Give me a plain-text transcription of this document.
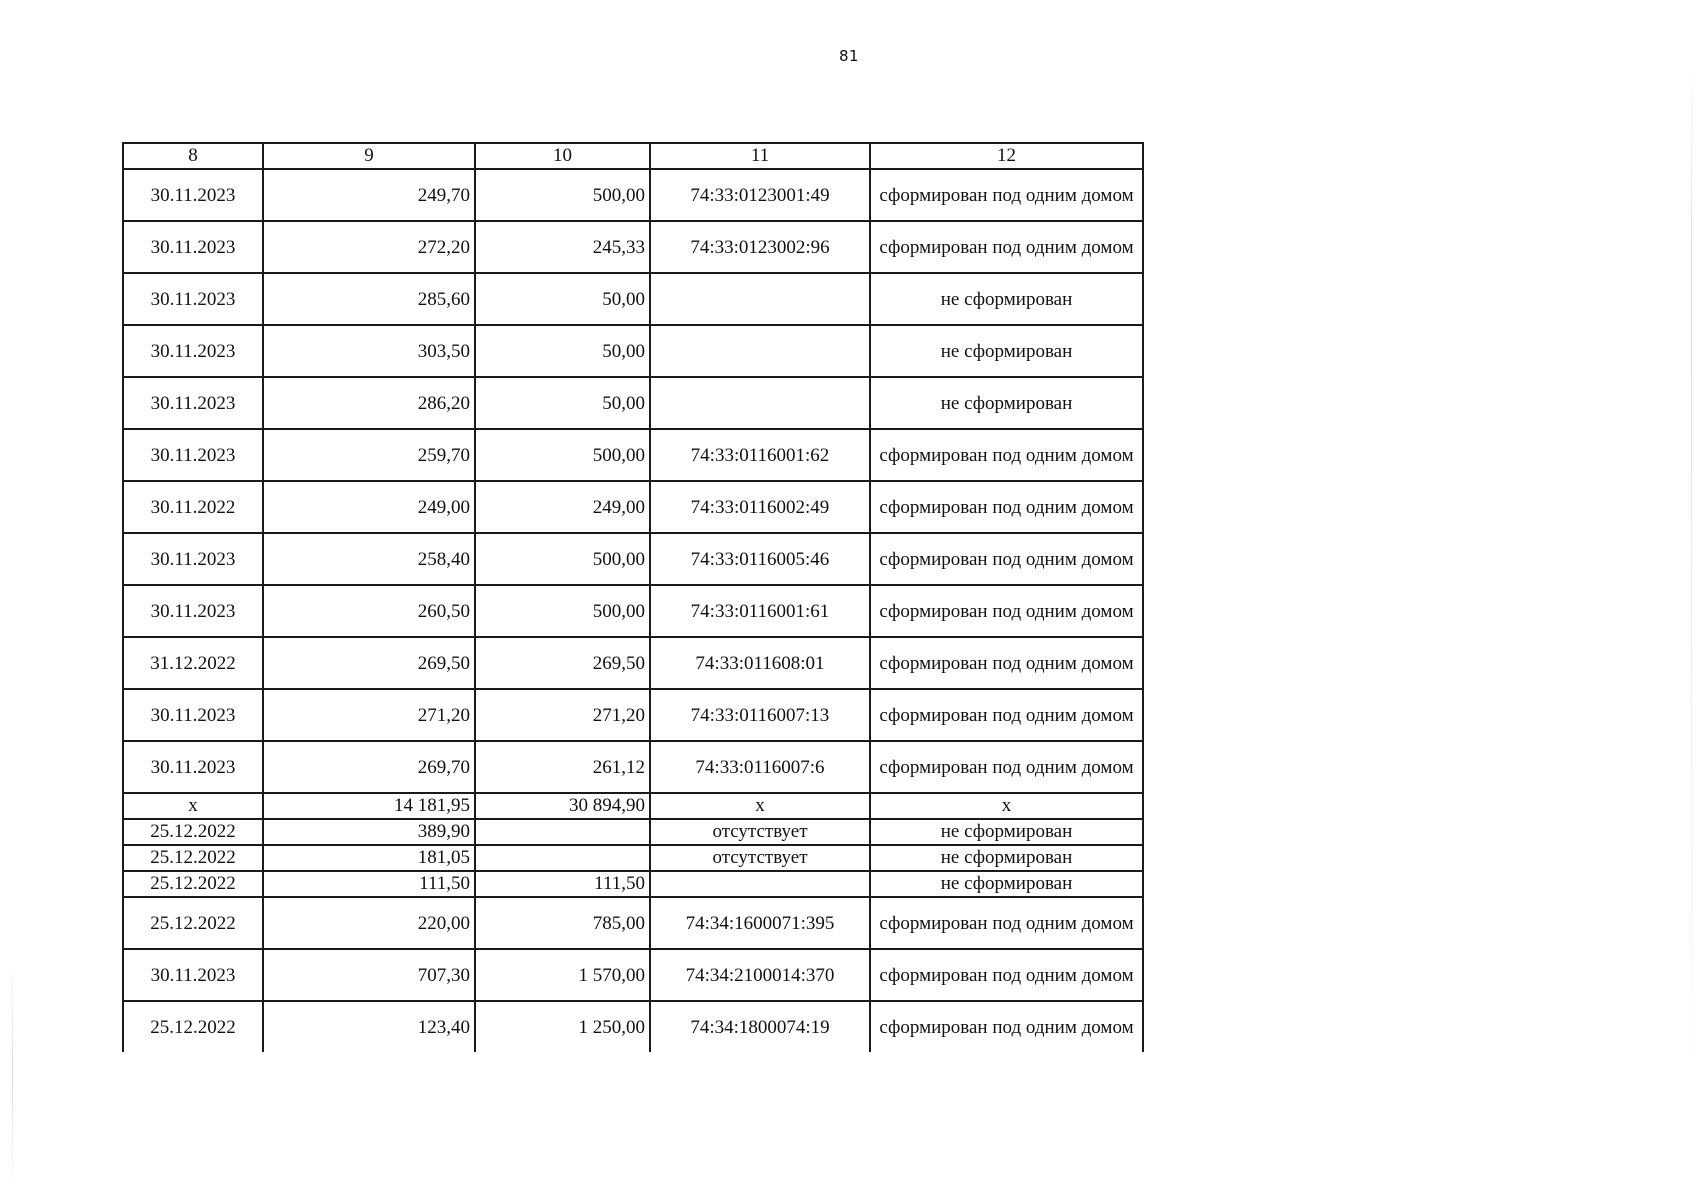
81
8	9	10	11	12
30.11.2023	249,70	500,00	74:33:0123001:49	сформирован под одним домом
30.11.2023	272,20	245,33	74:33:0123002:96	сформирован под одним домом
30.11.2023	285,60	50,00		не сформирован
30.11.2023	303,50	50,00		не сформирован
30.11.2023	286,20	50,00		не сформирован
30.11.2023	259,70	500,00	74:33:0116001:62	сформирован под одним домом
30.11.2022	249,00	249,00	74:33:0116002:49	сформирован под одним домом
30.11.2023	258,40	500,00	74:33:0116005:46	сформирован под одним домом
30.11.2023	260,50	500,00	74:33:0116001:61	сформирован под одним домом
31.12.2022	269,50	269,50	74:33:011608:01	сформирован под одним домом
30.11.2023	271,20	271,20	74:33:0116007:13	сформирован под одним домом
30.11.2023	269,70	261,12	74:33:0116007:6	сформирован под одним домом
x	14 181,95	30 894,90	x	x
25.12.2022	389,90		отсутствует	не сформирован
25.12.2022	181,05		отсутствует	не сформирован
25.12.2022	111,50	111,50		не сформирован
25.12.2022	220,00	785,00	74:34:1600071:395	сформирован под одним домом
30.11.2023	707,30	1 570,00	74:34:2100014:370	сформирован под одним домом
25.12.2022	123,40	1 250,00	74:34:1800074:19	сформирован под одним домом
